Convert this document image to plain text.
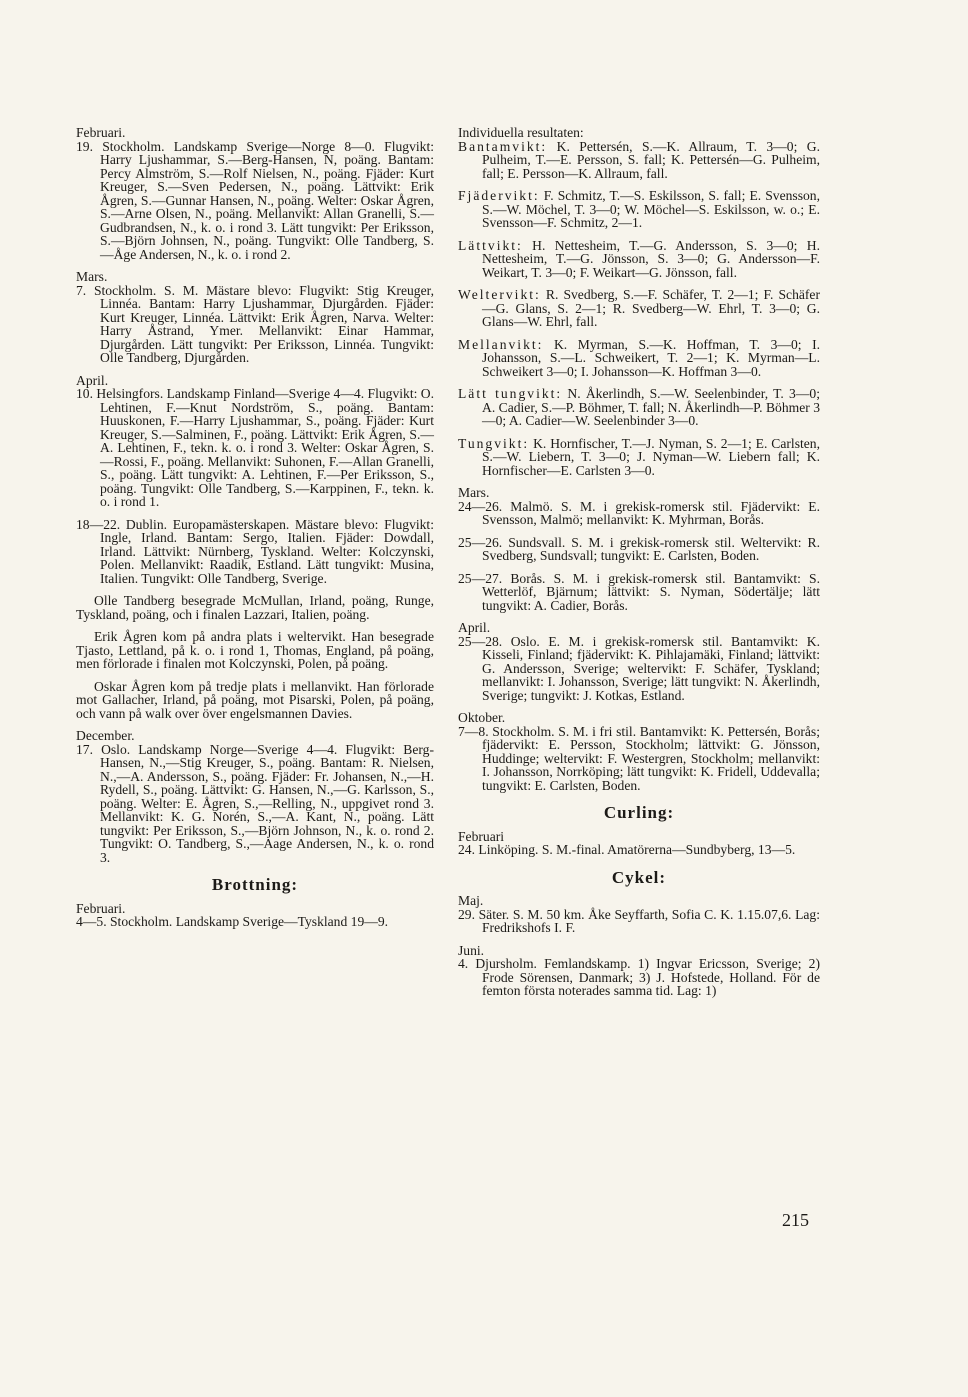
Februari.
19. Stockholm. Landskamp Sverige—Norge 8—0. Flugvikt: Harry Ljushammar, S.—Berg-Hansen, N, poäng. Bantam: Percy Almström, S.—Rolf Nielsen, N., poäng. Fjäder: Kurt Kreuger, S.—Sven Pedersen, N., poäng. Lättvikt: Erik Ågren, S.—Gunnar Hansen, N., poäng. Welter: Oskar Ågren, S.—Arne Olsen, N., poäng. Mellanvikt: Allan Granelli, S.—Gudbrandsen, N., k. o. i rond 3. Lätt tungvikt: Per Eriksson, S.—Björn Johnsen, N., poäng. Tungvikt: Olle Tandberg, S.—Åge Andersen, N., k. o. i rond 2.
Mars.
7. Stockholm. S. M. Mästare blevo: Flugvikt: Stig Kreuger, Linnéa. Bantam: Harry Ljushammar, Djurgården. Fjäder: Kurt Kreuger, Linnéa. Lättvikt: Erik Ågren, Narva. Welter: Harry Åstrand, Ymer. Mellanvikt: Einar Hammar, Djurgården. Lätt tungvikt: Per Eriksson, Linnéa. Tungvikt: Olle Tandberg, Djurgården.
April.
10. Helsingfors. Landskamp Finland—Sverige 4—4. Flugvikt: O. Lehtinen, F.—Knut Nordström, S., poäng. Bantam: Huuskonen, F.—Harry Ljushammar, S., poäng. Fjäder: Kurt Kreuger, S.—Salminen, F., poäng. Lättvikt: Erik Ågren, S.—A. Lehtinen, F., tekn. k. o. i rond 3. Welter: Oskar Ågren, S.—Rossi, F., poäng. Mellanvikt: Suhonen, F.—Allan Granelli, S., poäng. Lätt tungvikt: A. Lehtinen, F.—Per Eriksson, S., poäng. Tungvikt: Olle Tandberg, S.—Karppinen, F., tekn. k. o. i rond 1.
18—22. Dublin. Europamästerskapen. Mästare blevo: Flugvikt: Ingle, Irland. Bantam: Sergo, Italien. Fjäder: Dowdall, Irland. Lättvikt: Nürnberg, Tyskland. Welter: Kolczynski, Polen. Mellanvikt: Raadik, Estland. Lätt tungvikt: Musina, Italien. Tungvikt: Olle Tandberg, Sverige.
Olle Tandberg besegrade McMullan, Irland, poäng, Runge, Tyskland, poäng, och i finalen Lazzari, Italien, poäng.
Erik Ågren kom på andra plats i weltervikt. Han besegrade Tjasto, Lettland, på k. o. i rond 1, Thomas, England, på poäng, men förlorade i finalen mot Kolczynski, Polen, på poäng.
Oskar Ågren kom på tredje plats i mellanvikt. Han förlorade mot Gallacher, Irland, på poäng, mot Pisarski, Polen, på poäng, och vann på walk over över engelsmannen Davies.
December.
17. Oslo. Landskamp Norge—Sverige 4—4. Flugvikt: Berg-Hansen, N.,—Stig Kreuger, S., poäng. Bantam: R. Nielsen, N.,—A. Andersson, S., poäng. Fjäder: Fr. Johansen, N.,—H. Rydell, S., poäng. Lättvikt: G. Hansen, N.,—G. Karlsson, S., poäng. Welter: E. Ågren, S.,—Relling, N., uppgivet rond 3. Mellanvikt: K. G. Norén, S.,—A. Kant, N., poäng. Lätt tungvikt: Per Eriksson, S.,—Björn Johnson, N., k. o. rond 2. Tungvikt: O. Tandberg, S.,—Aage Andersen, N., k. o. rond 3.
Brottning:
Februari.
4—5. Stockholm. Landskamp Sverige—Tyskland 19—9.
Individuella resultaten:
Bantamvikt: K. Pettersén, S.—K. Allraum, T. 3—0; G. Pulheim, T.—E. Persson, S. fall; K. Pettersén—G. Pulheim, fall; E. Persson—K. Allraum, fall.
Fjädervikt: F. Schmitz, T.—S. Eskilsson, S. fall; E. Svensson, S.—W. Möchel, T. 3—0; W. Möchel—S. Eskilsson, w. o.; E. Svensson—F. Schmitz, 2—1.
Lättvikt: H. Nettesheim, T.—G. Andersson, S. 3—0; H. Nettesheim, T.—G. Jönsson, S. 3—0; G. Andersson—F. Weikart, T. 3—0; F. Weikart—G. Jönsson, fall.
Weltervikt: R. Svedberg, S.—F. Schäfer, T. 2—1; F. Schäfer—G. Glans, S. 2—1; R. Svedberg—W. Ehrl, T. 3—0; G. Glans—W. Ehrl, fall.
Mellanvikt: K. Myrman, S.—K. Hoffman, T. 3—0; I. Johansson, S.—L. Schweikert, T. 2—1; K. Myrman—L. Schweikert 3—0; I. Johansson—K. Hoffman 3—0.
Lätt tungvikt: N. Åkerlindh, S.—W. Seelenbinder, T. 3—0; A. Cadier, S.—P. Böhmer, T. fall; N. Åkerlindh—P. Böhmer 3—0; A. Cadier—W. Seelenbinder 3—0.
Tungvikt: K. Hornfischer, T.—J. Nyman, S. 2—1; E. Carlsten, S.—W. Liebern, T. 3—0; J. Nyman—W. Liebern fall; K. Hornfischer—E. Carlsten 3—0.
Mars.
24—26. Malmö. S. M. i grekisk-romersk stil. Fjädervikt: E. Svensson, Malmö; mellanvikt: K. Myhrman, Borås.
25—26. Sundsvall. S. M. i grekisk-romersk stil. Weltervikt: R. Svedberg, Sundsvall; tungvikt: E. Carlsten, Boden.
25—27. Borås. S. M. i grekisk-romersk stil. Bantamvikt: S. Wetterlöf, Bjärnum; lättvikt: S. Nyman, Södertälje; lätt tungvikt: A. Cadier, Borås.
April.
25—28. Oslo. E. M. i grekisk-romersk stil. Bantamvikt: K. Kisseli, Finland; fjädervikt: K. Pihlajamäki, Finland; lättvikt: G. Andersson, Sverige; weltervikt: F. Schäfer, Tyskland; mellanvikt: I. Johansson, Sverige; lätt tungvikt: N. Åkerlindh, Sverige; tungvikt: J. Kotkas, Estland.
Oktober.
7—8. Stockholm. S. M. i fri stil. Bantamvikt: K. Pettersén, Borås; fjädervikt: E. Persson, Stockholm; lättvikt: G. Jönsson, Huddinge; weltervikt: F. Westergren, Stockholm; mellanvikt: I. Johansson, Norrköping; lätt tungvikt: K. Fridell, Uddevalla; tungvikt: E. Carlsten, Boden.
Curling:
Februari
24. Linköping. S. M.-final. Amatörerna—Sundbyberg, 13—5.
Cykel:
Maj.
29. Säter. S. M. 50 km. Åke Seyffarth, Sofia C. K. 1.15.07,6. Lag: Fredrikshofs I. F.
Juni.
4. Djursholm. Femlandskamp. 1) Ingvar Ericsson, Sverige; 2) Frode Sörensen, Danmark; 3) J. Hofstede, Holland. För de femton första noterades samma tid. Lag: 1)
215
